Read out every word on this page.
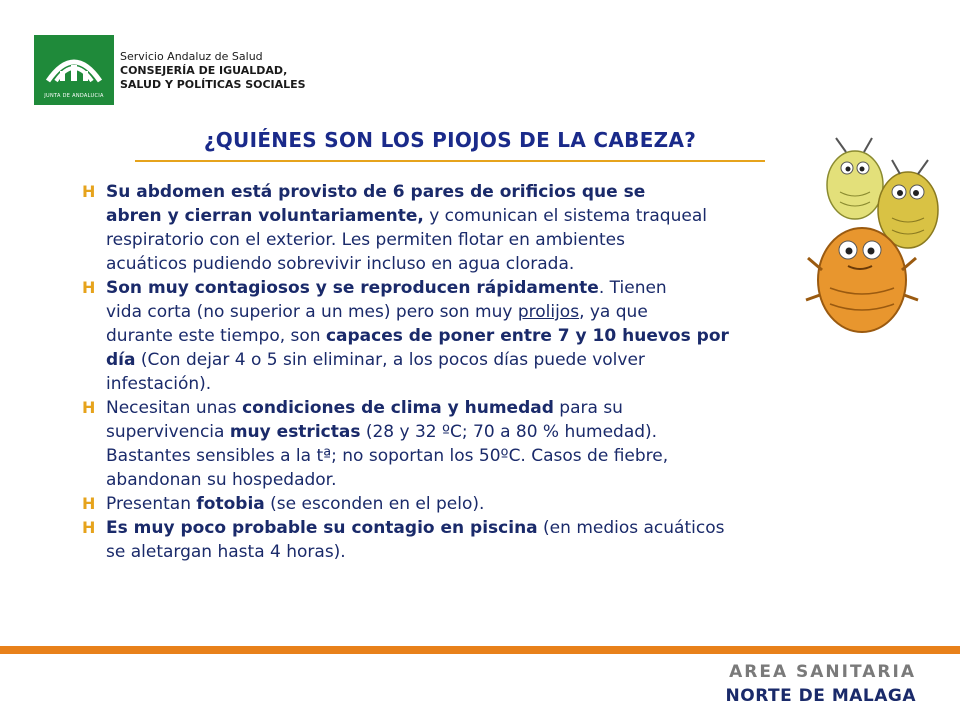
JUNTA DE ANDALUCIA
Servicio Andaluz de Salud
CONSEJERÍA DE IGUALDAD,
SALUD Y POLÍTICAS SOCIALES
¿QUIÉNES SON LOS PIOJOS DE LA CABEZA?
H Su abdomen está provisto de 6 pares de orificios que se
abren y cierran voluntariamente, y comunican el sistema traqueal
respiratorio con el exterior. Les permiten flotar en ambientes
acuáticos pudiendo sobrevivir incluso en agua clorada.
H Son muy contagiosos y se reproducen rápidamente. Tienen
vida corta (no superior a un mes) pero son muy prolijos, ya que
durante este tiempo, son capaces de poner entre 7 y 10 huevos por
día (Con dejar 4 o 5 sin eliminar, a los pocos días puede volver
infestación).
H Necesitan unas condiciones de clima y humedad para su
supervivencia muy estrictas (28 y 32 ºC; 70 a 80 % humedad).
Bastantes sensibles a la tª; no soportan los 50ºC. Casos de fiebre,
abandonan su hospedador.
H Presentan fotobia (se esconden en el pelo).
H Es muy poco probable su contagio en piscina (en medios acuáticos
se aletargan hasta 4 horas).
AREA SANITARIA
NORTE DE MALAGA
